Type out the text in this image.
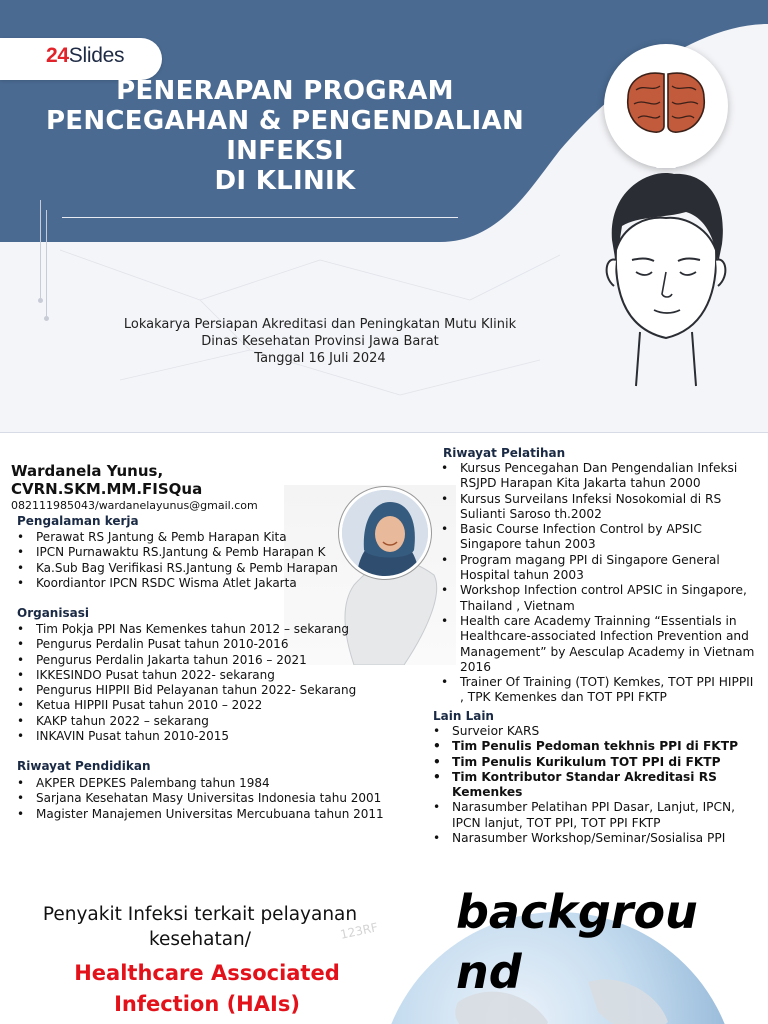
24Slides
PENERAPAN PROGRAM
PENCEGAHAN & PENGENDALIAN
INFEKSI
DI KLINIK
Lokakarya Persiapan Akreditasi dan Peningkatan Mutu Klinik
Dinas Kesehatan Provinsi Jawa Barat
Tanggal 16 Juli 2024
Wardanela Yunus,
CVRN.SKM.MM.FISQua
082111985043/wardanelayunus@gmail.com
Pengalaman kerja
• Perawat RS Jantung & Pemb Harapan Kita
• IPCN Purnawaktu RS.Jantung & Pemb Harapan K
• Ka.Sub Bag Verifikasi RS.Jantung & Pemb Harapan
• Koordiantor IPCN RSDC Wisma Atlet Jakarta
Organisasi
• Tim Pokja PPI Nas Kemenkes tahun 2012 – sekarang
• Pengurus Perdalin Pusat tahun 2010-2016
• Pengurus Perdalin Jakarta tahun 2016 – 2021
• IKKESINDO Pusat tahun 2022- sekarang
• Pengurus HIPPII Bid Pelayanan tahun 2022- Sekarang
• Ketua HIPPII Pusat tahun 2010 – 2022
• KAKP tahun 2022 – sekarang
• INKAVIN Pusat tahun 2010-2015
Riwayat Pendidikan
• AKPER DEPKES Palembang tahun 1984
• Sarjana Kesehatan Masy Universitas Indonesia tahu 2001
• Magister Manajemen Universitas Mercubuana tahun 2011
Riwayat Pelatihan
• Kursus Pencegahan Dan Pengendalian Infeksi RSJPD Harapan Kita Jakarta tahun 2000
• Kursus Surveilans Infeksi Nosokomial di RS Sulianti Saroso th.2002
• Basic Course Infection Control by APSIC Singapore tahun 2003
• Program magang PPI di Singapore General Hospital tahun 2003
• Workshop Infection control APSIC in Singapore, Thailand , Vietnam
• Health care Academy Trainning “Essentials in Healthcare-associated Infection Prevention and Management” by Aesculap Academy in Vietnam 2016
• Trainer Of Training (TOT) Kemkes, TOT PPI HIPPII , TPK Kemenkes dan TOT PPI FKTP
Lain Lain
• Surveior KARS
• Tim Penulis Pedoman tekhnis PPI di FKTP
• Tim Penulis Kurikulum TOT PPI di FKTP
• Tim Kontributor Standar Akreditasi RS Kemenkes
• Narasumber Pelatihan PPI Dasar, Lanjut, IPCN, IPCN lanjut, TOT PPI, TOT PPI FKTP
• Narasumber Workshop/Seminar/Sosialisa PPI
123RF
Penyakit Infeksi terkait pelayanan
kesehatan/
Healthcare Associated
Infection (HAIs)
background
